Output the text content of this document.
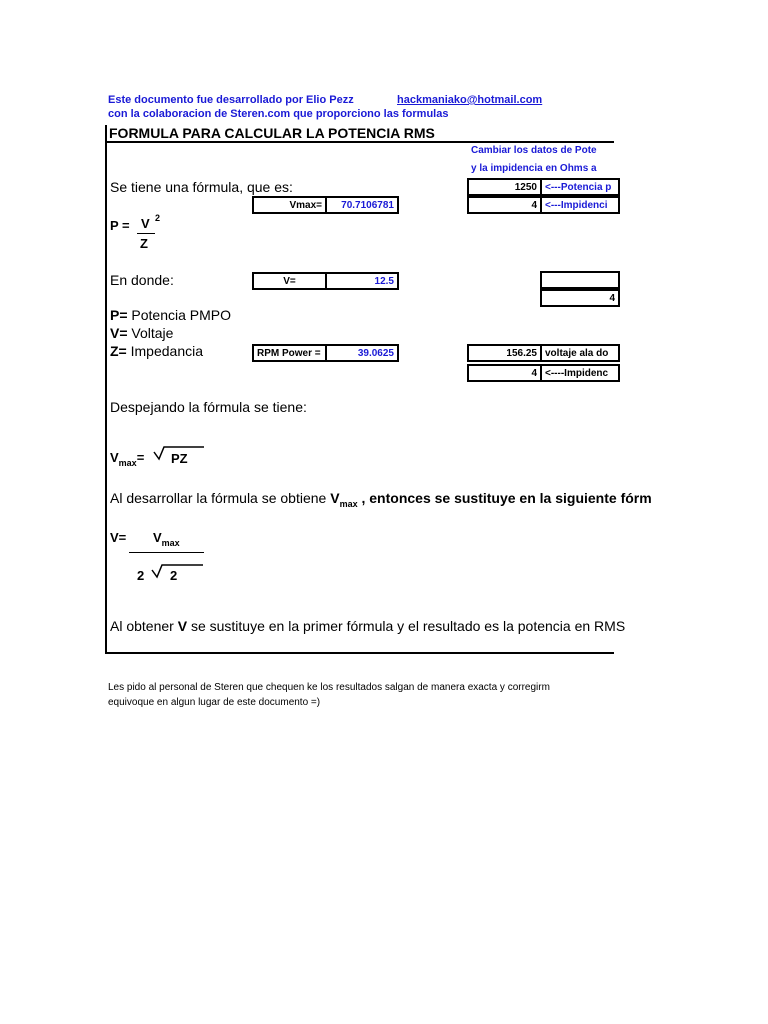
Este documento fue desarrollado por Elio Pezz	hackmaniako@hotmail.com
con la colaboracion de Steren.com que proporciono las formulas
FORMULA PARA CALCULAR LA POTENCIA RMS
Cambiar los datos de Pote
y la impidencia en Ohms a
Se tiene una fórmula, que es:
P = V 2
Z
En donde:
P= Potencia PMPO
V= Voltaje
Z= Impedancia
Vmax=	70.7106781
V=	12.5
RPM Power =	39.0625
1250 <---Potencia p
4 <---Impidenci
4
156.25 voltaje ala do
4 <----Impidenc
Despejando la fórmula se tiene:
$V_{max}=$ PZ
Al desarrollar la fórmula se obtiene $V_{max}$ , entonces se sustituye en la siguiente fórm
$V= V_{max}$
2 2
Al obtener V se sustituye en la primer fórmula y el resultado es la potencia en RMS
Les pido al personal de Steren que chequen ke los resultados salgan de manera exacta y corregirm
equivoque en algun lugar de este documento =)
